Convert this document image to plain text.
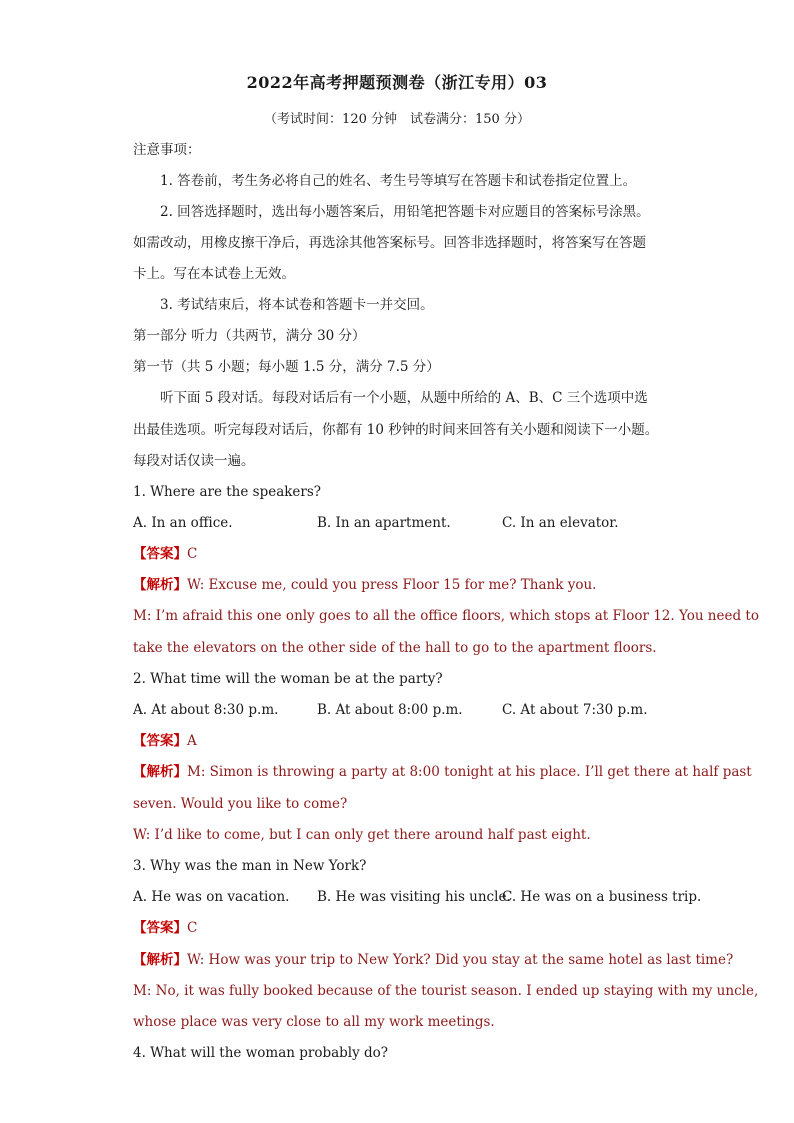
2022年高考押题预测卷（浙江专用）03
（考试时间：120 分钟　试卷满分：150 分）
注意事项：
1. 答卷前，考生务必将自己的姓名、考生号等填写在答题卡和试卷指定位置上。
2. 回答选择题时，选出每小题答案后，用铅笔把答题卡对应题目的答案标号涂黑。
如需改动，用橡皮擦干净后，再选涂其他答案标号。回答非选择题时，将答案写在答题
卡上。写在本试卷上无效。
3. 考试结束后，将本试卷和答题卡一并交回。
第一部分 听力（共两节，满分 30 分）
第一节（共 5 小题；每小题 1.5 分，满分 7.5 分）
听下面 5 段对话。每段对话后有一个小题，从题中所给的 A、B、C 三个选项中选
出最佳选项。听完每段对话后，你都有 10 秒钟的时间来回答有关小题和阅读下一小题。
每段对话仅读一遍。
1. Where are the speakers?
A. In an office.	B. In an apartment.	C. In an elevator.
【答案】C
【解析】W: Excuse me, could you press Floor 15 for me? Thank you.
M: I’m afraid this one only goes to all the office floors, which stops at Floor 12. You need to
take the elevators on the other side of the hall to go to the apartment floors.
2. What time will the woman be at the party?
A. At about 8:30 p.m.	B. At about 8:00 p.m.	C. At about 7:30 p.m.
【答案】A
【解析】M: Simon is throwing a party at 8:00 tonight at his place. I’ll get there at half past
seven. Would you like to come?
W: I’d like to come, but I can only get there around half past eight.
3. Why was the man in New York?
A. He was on vacation. B. He was visiting his uncle.
C. He was on a business trip.
【答案】C
【解析】W: How was your trip to New York? Did you stay at the same hotel as last time?
M: No, it was fully booked because of the tourist season. I ended up staying with my uncle,
whose place was very close to all my work meetings.
4. What will the woman probably do?
